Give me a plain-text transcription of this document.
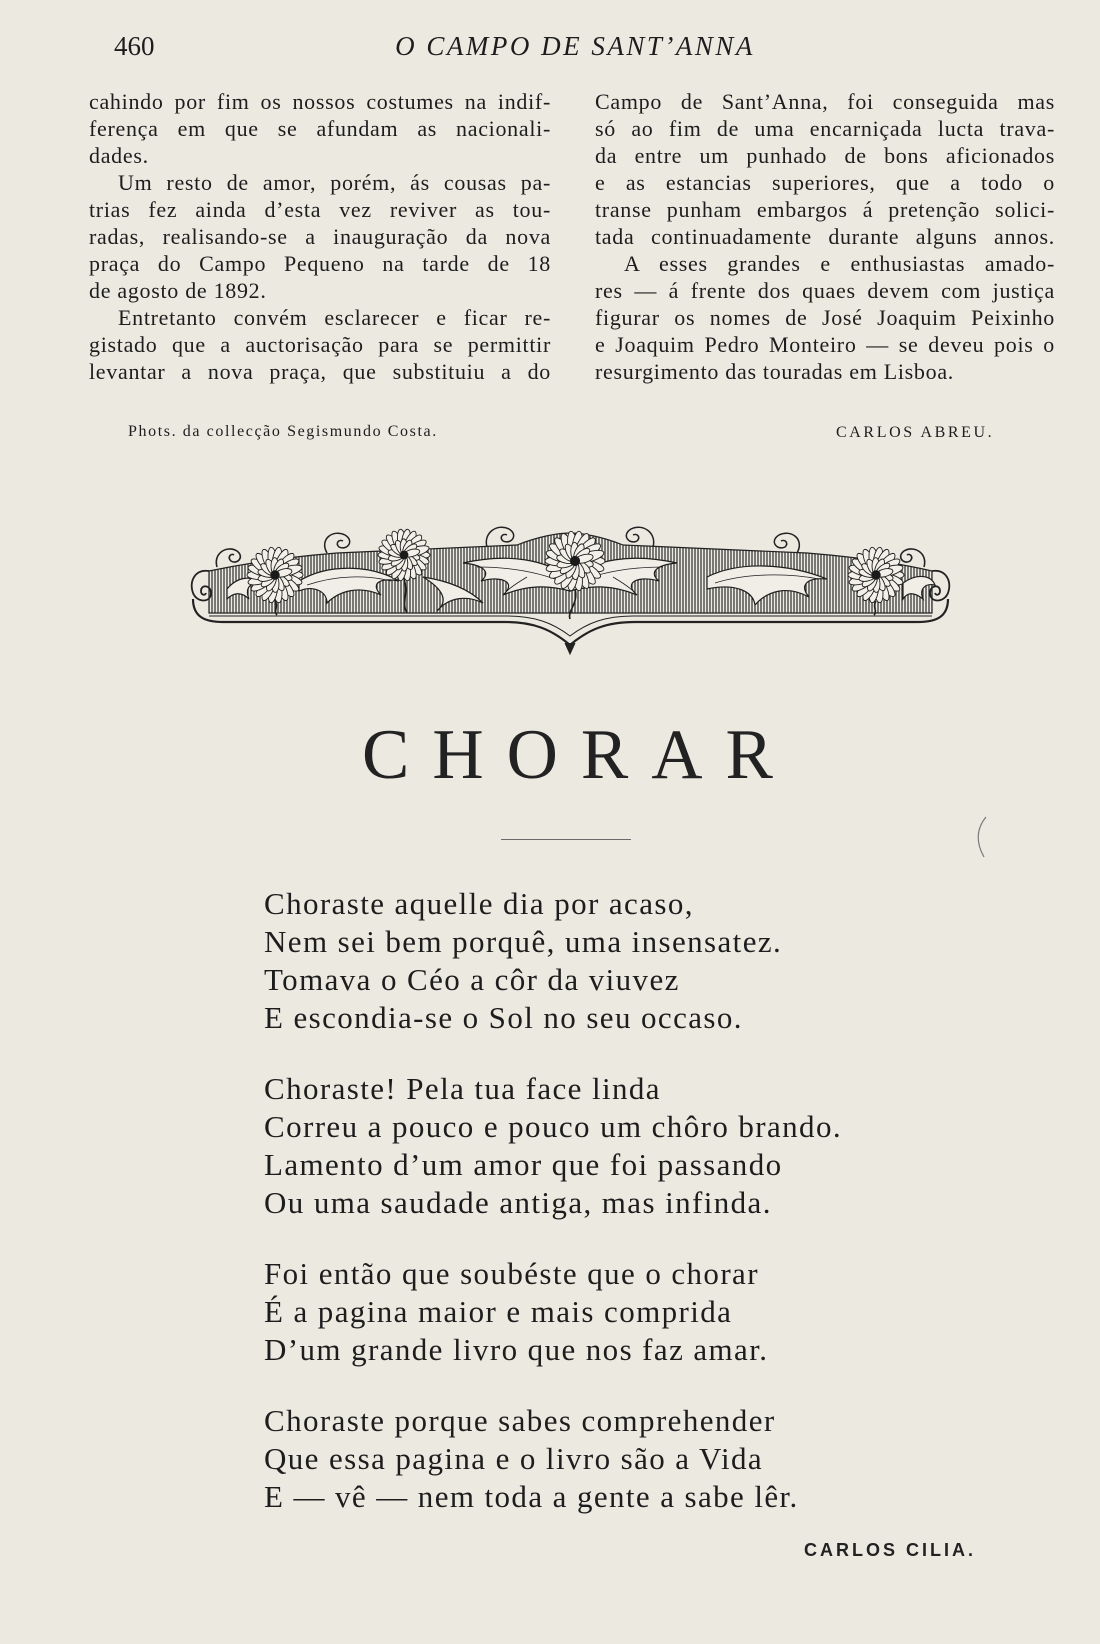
460	O CAMPO DE SANT’ANNA
cahindo por fim os nossos costumes na indif-
ferença em que se afundam as nacionali-
dades.
Um resto de amor, porém, ás cousas pa-
trias fez ainda d’esta vez reviver as tou-
radas, realisando-se a inauguração da nova
praça do Campo Pequeno na tarde de 18
de agosto de 1892.
Entretanto convém esclarecer e ficar re-
gistado que a auctorisação para se permittir
levantar a nova praça, que substituiu a do
Campo de Sant’Anna, foi conseguida mas
só ao fim de uma encarniçada lucta trava-
da entre um punhado de bons aficionados
e as estancias superiores, que a todo o
transe punham embargos á pretenção solici-
tada continuadamente durante alguns annos.
A esses grandes e enthusiastas amado-
res — á frente dos quaes devem com justiça
figurar os nomes de José Joaquim Peixinho
e Joaquim Pedro Monteiro — se deveu pois o
resurgimento das touradas em Lisboa.
Phots. da collecção Segismundo Costa.	CARLOS ABREU.
CHORAR
Choraste aquelle dia por acaso,
Nem sei bem porquê, uma insensatez.
Tomava o Céo a côr da viuvez
E escondia-se o Sol no seu occaso.
Choraste! Pela tua face linda
Correu a pouco e pouco um chôro brando.
Lamento d’um amor que foi passando
Ou uma saudade antiga, mas infinda.
Foi então que soubéste que o chorar
É a pagina maior e mais comprida
D’um grande livro que nos faz amar.
Choraste porque sabes comprehender
Que essa pagina e o livro são a Vida
E — vê — nem toda a gente a sabe lêr.
CARLOS CILIA.
